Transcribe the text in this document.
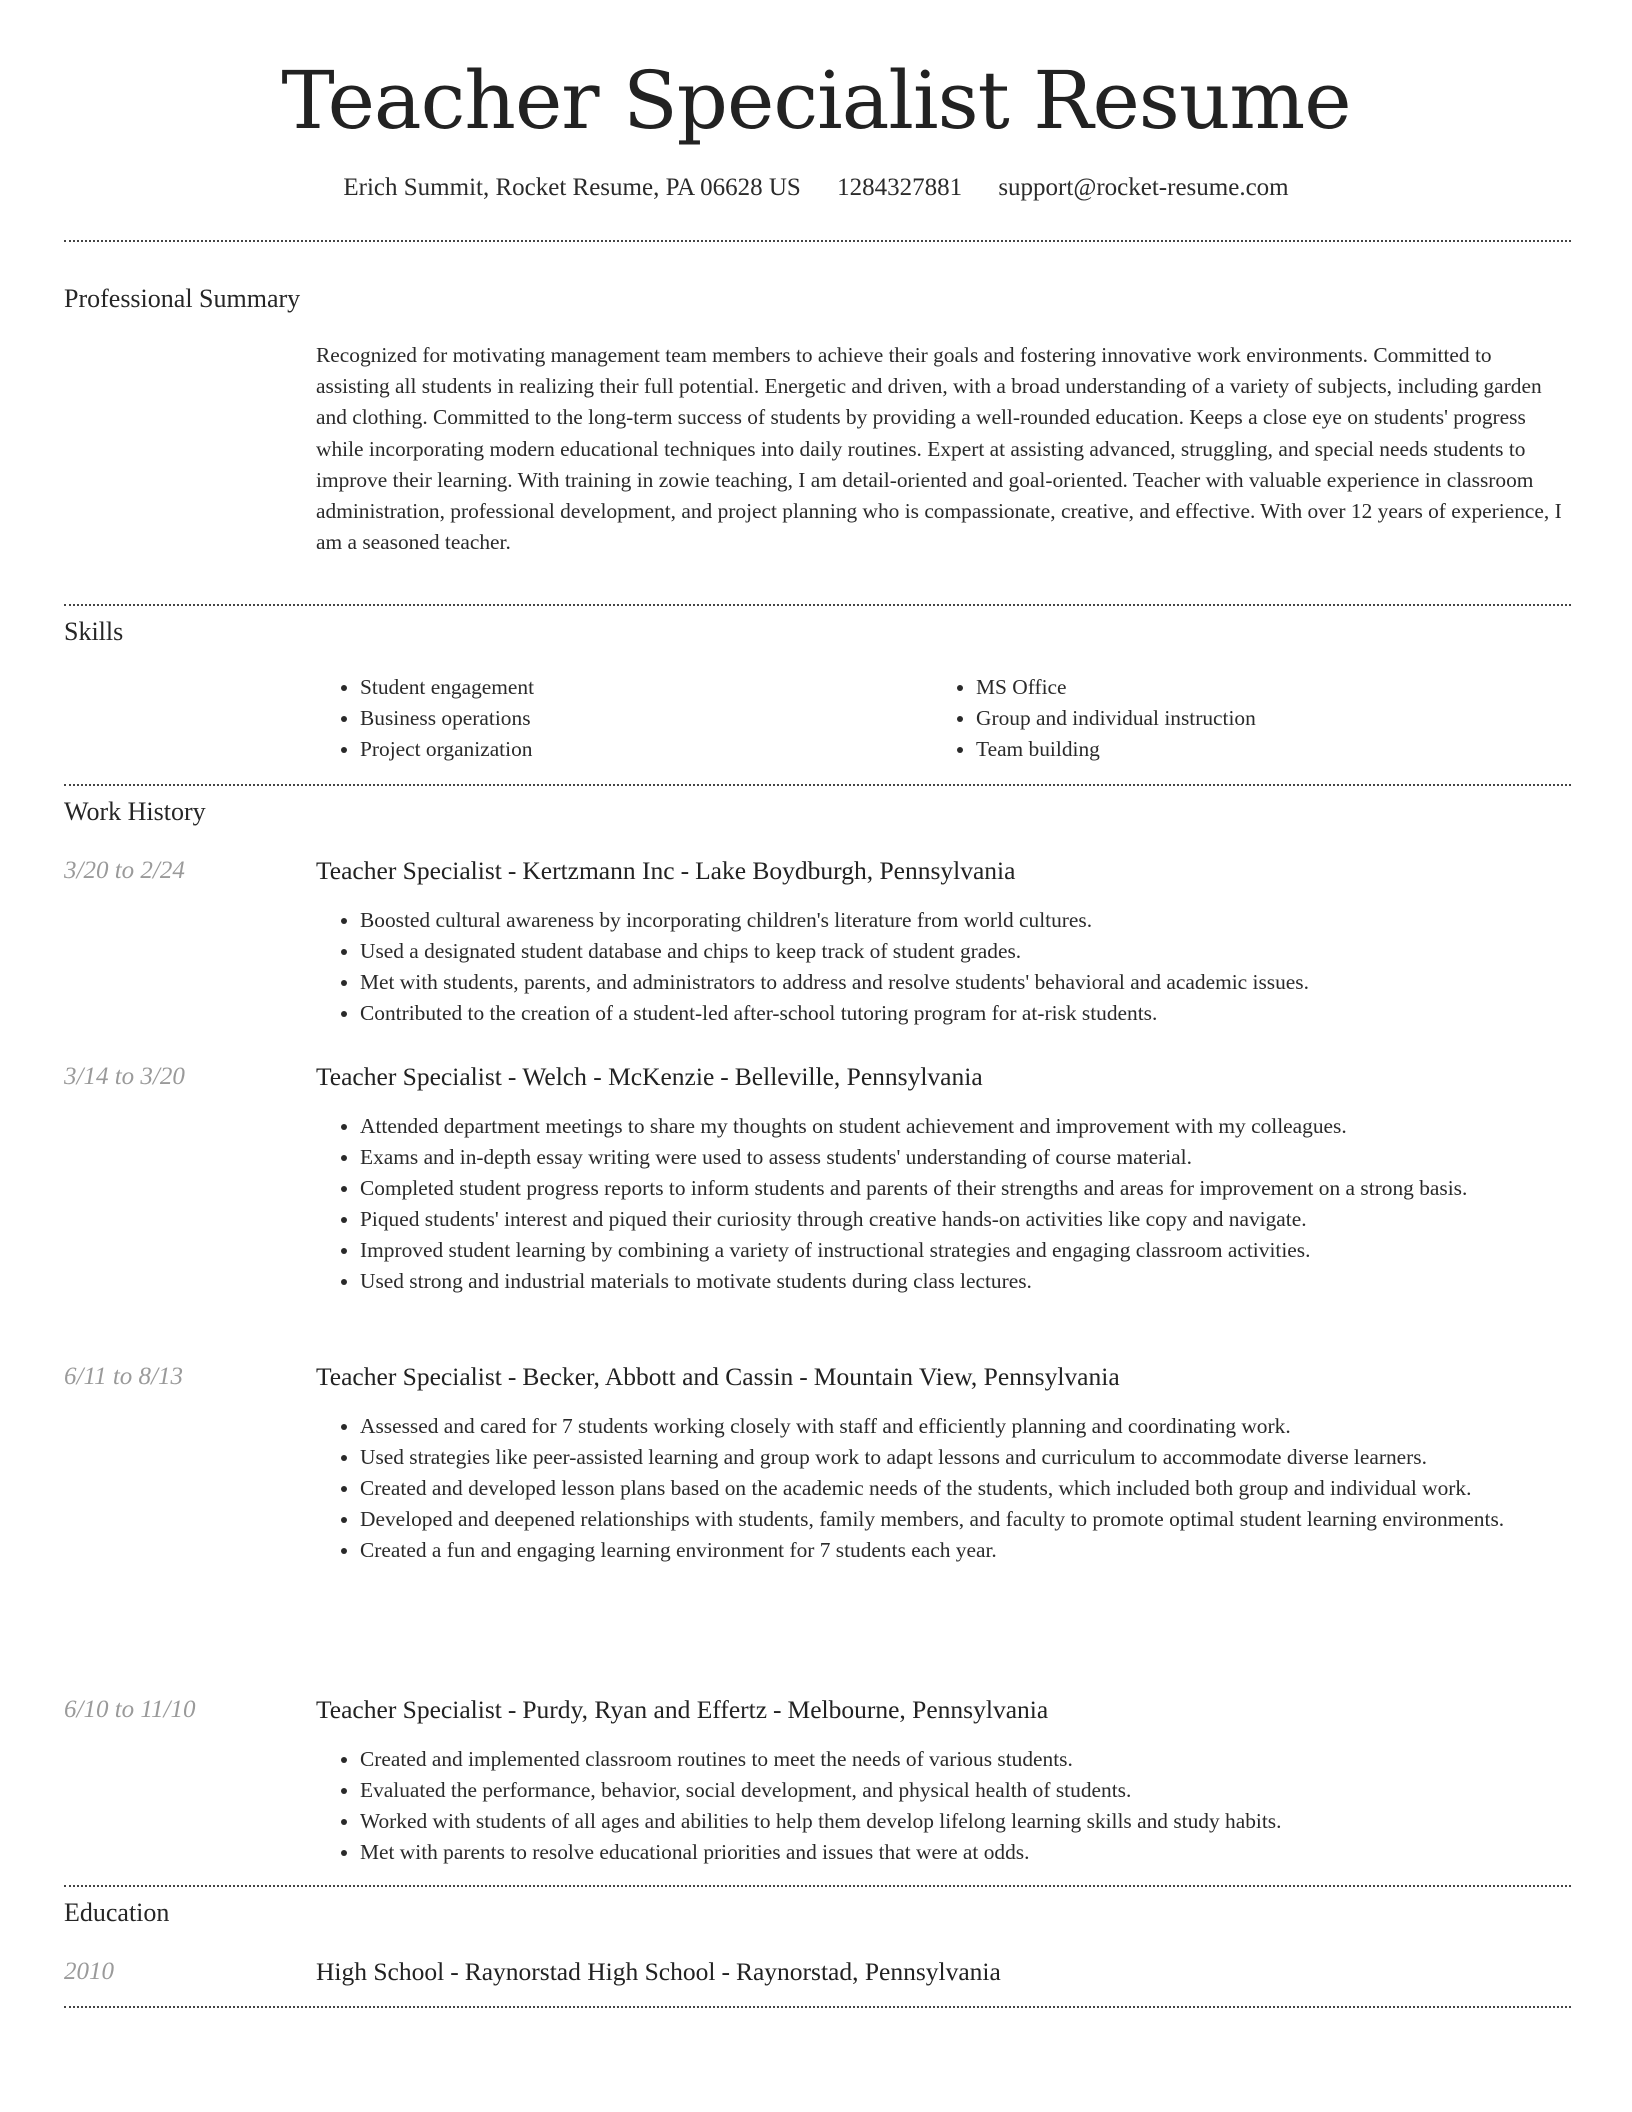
Teacher Specialist Resume
Erich Summit, Rocket Resume, PA 06628 US 1284327881 support@rocket-resume.com
Professional Summary
Recognized for motivating management team members to achieve their goals and fostering innovative work environments. Committed to assisting all students in realizing their full potential. Energetic and driven, with a broad understanding of a variety of subjects, including garden and clothing. Committed to the long-term success of students by providing a well-rounded education. Keeps a close eye on students' progress while incorporating modern educational techniques into daily routines. Expert at assisting advanced, struggling, and special needs students to improve their learning. With training in zowie teaching, I am detail-oriented and goal-oriented. Teacher with valuable experience in classroom administration, professional development, and project planning who is compassionate, creative, and effective. With over 12 years of experience, I am a seasoned teacher.
Skills
• Student engagement
• Business operations
• Project organization
• MS Office
• Group and individual instruction
• Team building
Work History
3/20 to 2/24	Teacher Specialist - Kertzmann Inc - Lake Boydburgh, Pennsylvania
• Boosted cultural awareness by incorporating children's literature from world cultures.
• Used a designated student database and chips to keep track of student grades.
• Met with students, parents, and administrators to address and resolve students' behavioral and academic issues.
• Contributed to the creation of a student-led after-school tutoring program for at-risk students.
3/14 to 3/20	Teacher Specialist - Welch - McKenzie - Belleville, Pennsylvania
• Attended department meetings to share my thoughts on student achievement and improvement with my colleagues.
• Exams and in-depth essay writing were used to assess students' understanding of course material.
• Completed student progress reports to inform students and parents of their strengths and areas for improvement on a strong basis.
• Piqued students' interest and piqued their curiosity through creative hands-on activities like copy and navigate.
• Improved student learning by combining a variety of instructional strategies and engaging classroom activities.
• Used strong and industrial materials to motivate students during class lectures.
6/11 to 8/13	Teacher Specialist - Becker, Abbott and Cassin - Mountain View, Pennsylvania
• Assessed and cared for 7 students working closely with staff and efficiently planning and coordinating work.
• Used strategies like peer-assisted learning and group work to adapt lessons and curriculum to accommodate diverse learners.
• Created and developed lesson plans based on the academic needs of the students, which included both group and individual work.
• Developed and deepened relationships with students, family members, and faculty to promote optimal student learning environments.
• Created a fun and engaging learning environment for 7 students each year.
6/10 to 11/10	Teacher Specialist - Purdy, Ryan and Effertz - Melbourne, Pennsylvania
• Created and implemented classroom routines to meet the needs of various students.
• Evaluated the performance, behavior, social development, and physical health of students.
• Worked with students of all ages and abilities to help them develop lifelong learning skills and study habits.
• Met with parents to resolve educational priorities and issues that were at odds.
Education
2010	High School - Raynorstad High School - Raynorstad, Pennsylvania
